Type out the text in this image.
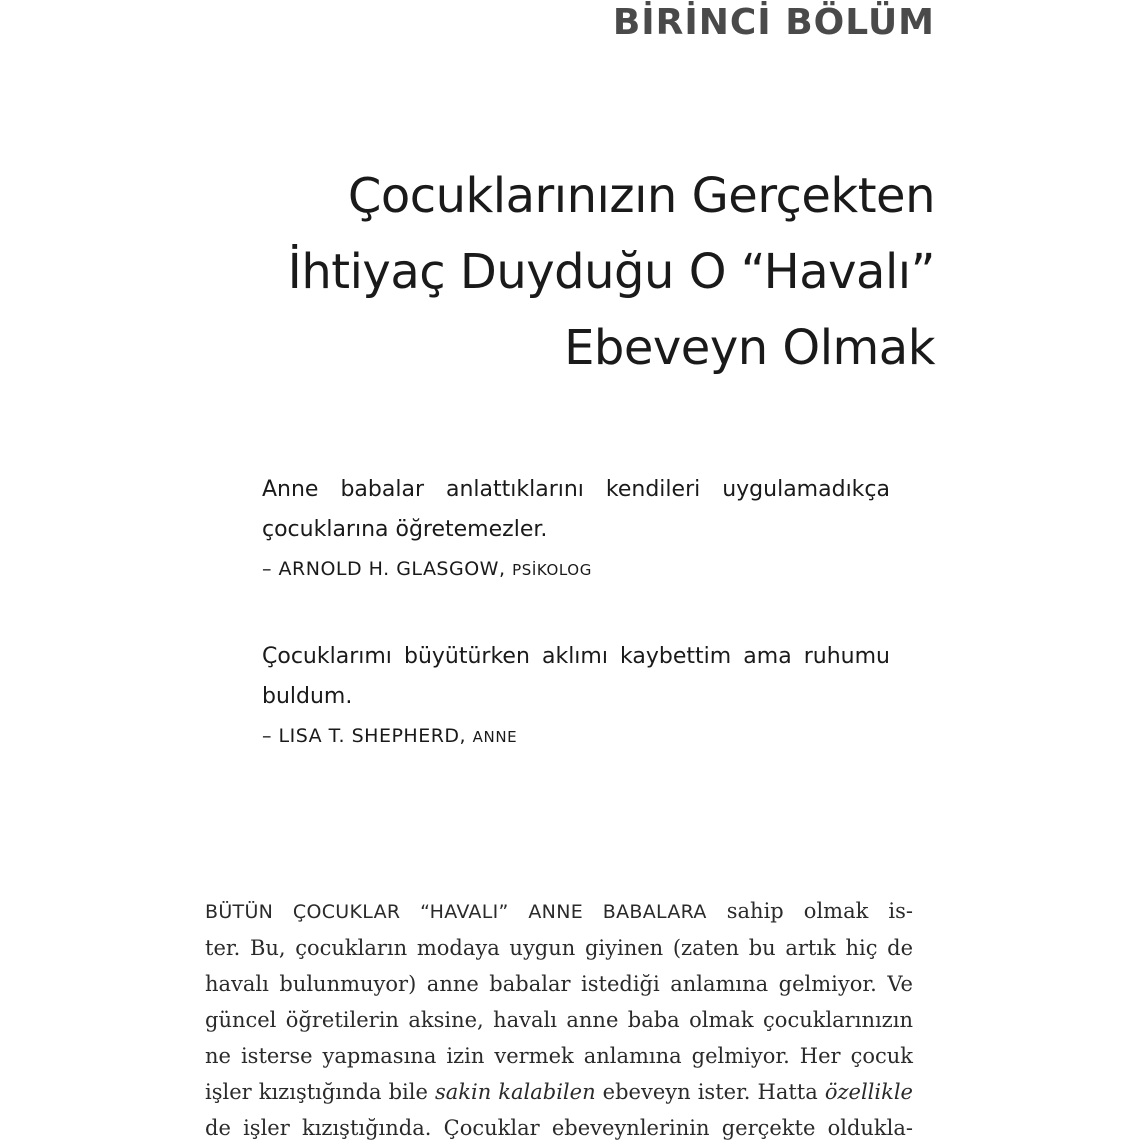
BİRİNCİ BÖLÜM
Çocuklarınızın Gerçekten
İhtiyaç Duyduğu O “Havalı”
Ebeveyn Olmak

Anne babalar anlattıklarını kendileri uygulamadıkça çocuklarına öğretemezler.

– ARNOLD H. GLASGOW, PSİKOLOG

Çocuklarımı büyütürken aklımı kaybettim ama ruhumu buldum.

– LISA T. SHEPHERD, ANNE
BÜTÜN ÇOCUKLAR “HAVALI” ANNE BABALARA sahip olmak is-
ter. Bu, çocukların modaya uygun giyinen (zaten bu artık hiç de
havalı bulunmuyor) anne babalar istediği anlamına gelmiyor. Ve
güncel öğretilerin aksine, havalı anne baba olmak çocuklarınızın
ne isterse yapmasına izin vermek anlamına gelmiyor. Her çocuk
işler kızıştığında bile sakin kalabilen ebeveyn ister. Hatta özellikle
de işler kızıştığında. Çocuklar ebeveynlerinin gerçekte oldukla-
